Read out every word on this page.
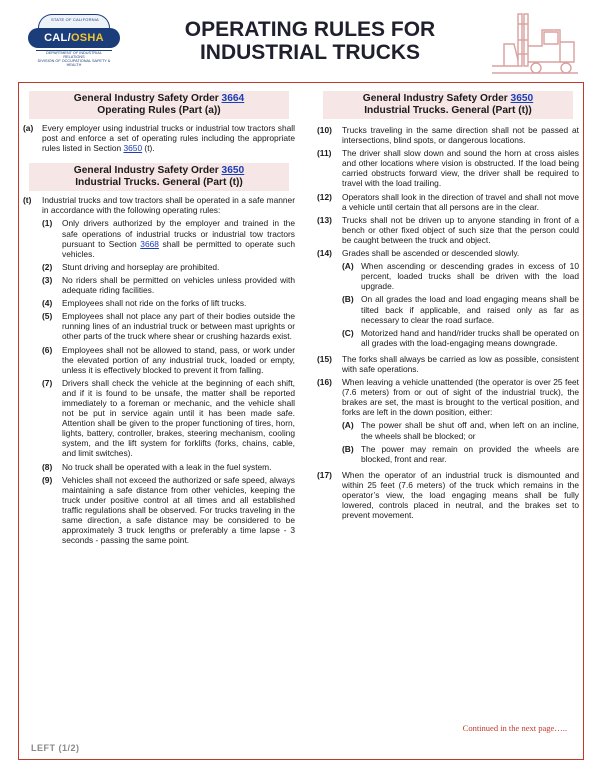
STATE OF CALIFORNIA
CAL/OSHA
DEPARTMENT OF INDUSTRIAL RELATIONS
DIVISION OF OCCUPATIONAL SAFETY & HEALTH
OPERATING RULES FOR
INDUSTRIAL TRUCKS
General Industry Safety Order 3664
Operating Rules (Part (a))
(a)	Every employer using industrial trucks or industrial tow tractors shall post and enforce a set of operating rules including the appropriate rules listed in Section 3650 (t).
General Industry Safety Order 3650
Industrial Trucks. General (Part (t))
(t)	Industrial trucks and tow tractors shall be operated in a safe manner in accordance with the following operating rules:
(1)	Only drivers authorized by the employer and trained in the safe operations of industrial trucks or industrial tow tractors pursuant to Section 3668 shall be permitted to operate such vehicles.
(2)	Stunt driving and horseplay are prohibited.
(3)	No riders shall be permitted on vehicles unless provided with adequate riding facilities.
(4)	Employees shall not ride on the forks of lift trucks.
(5)	Employees shall not place any part of their bodies outside the running lines of an industrial truck or between mast uprights or other parts of the truck where shear or crushing hazards exist.
(6)	Employees shall not be allowed to stand, pass, or work under the elevated portion of any industrial truck, loaded or empty, unless it is effectively blocked to prevent it from falling.
(7)	Drivers shall check the vehicle at the beginning of each shift, and if it is found to be unsafe, the matter shall be reported immediately to a foreman or mechanic, and the vehicle shall not be put in service again until it has been made safe. Attention shall be given to the proper functioning of tires, horn, lights, battery, controller, brakes, steering mechanism, cooling system, and the lift system for forklifts (forks, chains, cable, and limit switches).
(8)	No truck shall be operated with a leak in the fuel system.
(9)	Vehicles shall not exceed the authorized or safe speed, always maintaining a safe distance from other vehicles, keeping the truck under positive control at all times and all established traffic regulations shall be observed. For trucks traveling in the same direction, a safe distance may be considered to be approximately 3 truck lengths or preferably a time lapse - 3 seconds - passing the same point.
General Industry Safety Order 3650
Industrial Trucks. General (Part (t))
(10)	Trucks traveling in the same direction shall not be passed at intersections, blind spots, or dangerous locations.
(11)	The driver shall slow down and sound the horn at cross aisles and other locations where vision is obstructed. If the load being carried obstructs forward view, the driver shall be required to travel with the load trailing.
(12)	Operators shall look in the direction of travel and shall not move a vehicle until certain that all persons are in the clear.
(13)	Trucks shall not be driven up to anyone standing in front of a bench or other fixed object of such size that the person could be caught between the truck and object.
(14)	Grades shall be ascended or descended slowly.
(A) When ascending or descending grades in excess of 10 percent, loaded trucks shall be driven with the load upgrade.
(B) On all grades the load and load engaging means shall be tilted back if applicable, and raised only as far as necessary to clear the road surface.
(C) Motorized hand and hand/rider trucks shall be operated on all grades with the load-engaging means downgrade.
(15)	The forks shall always be carried as low as possible, consistent with safe operations.
(16)	When leaving a vehicle unattended (the operator is over 25 feet (7.6 meters) from or out of sight of the industrial truck), the brakes are set, the mast is brought to the vertical position, and forks are left in the down position, either:
(A) The power shall be shut off and, when left on an incline, the wheels shall be blocked; or
(B) The power may remain on provided the wheels are blocked, front and rear.
(17)	When the operator of an industrial truck is dismounted and within 25 feet (7.6 meters) of the truck which remains in the operator’s view, the load engaging means shall be fully lowered, controls placed in neutral, and the brakes set to prevent movement.
Continued in the next page…..
LEFT (1/2)
